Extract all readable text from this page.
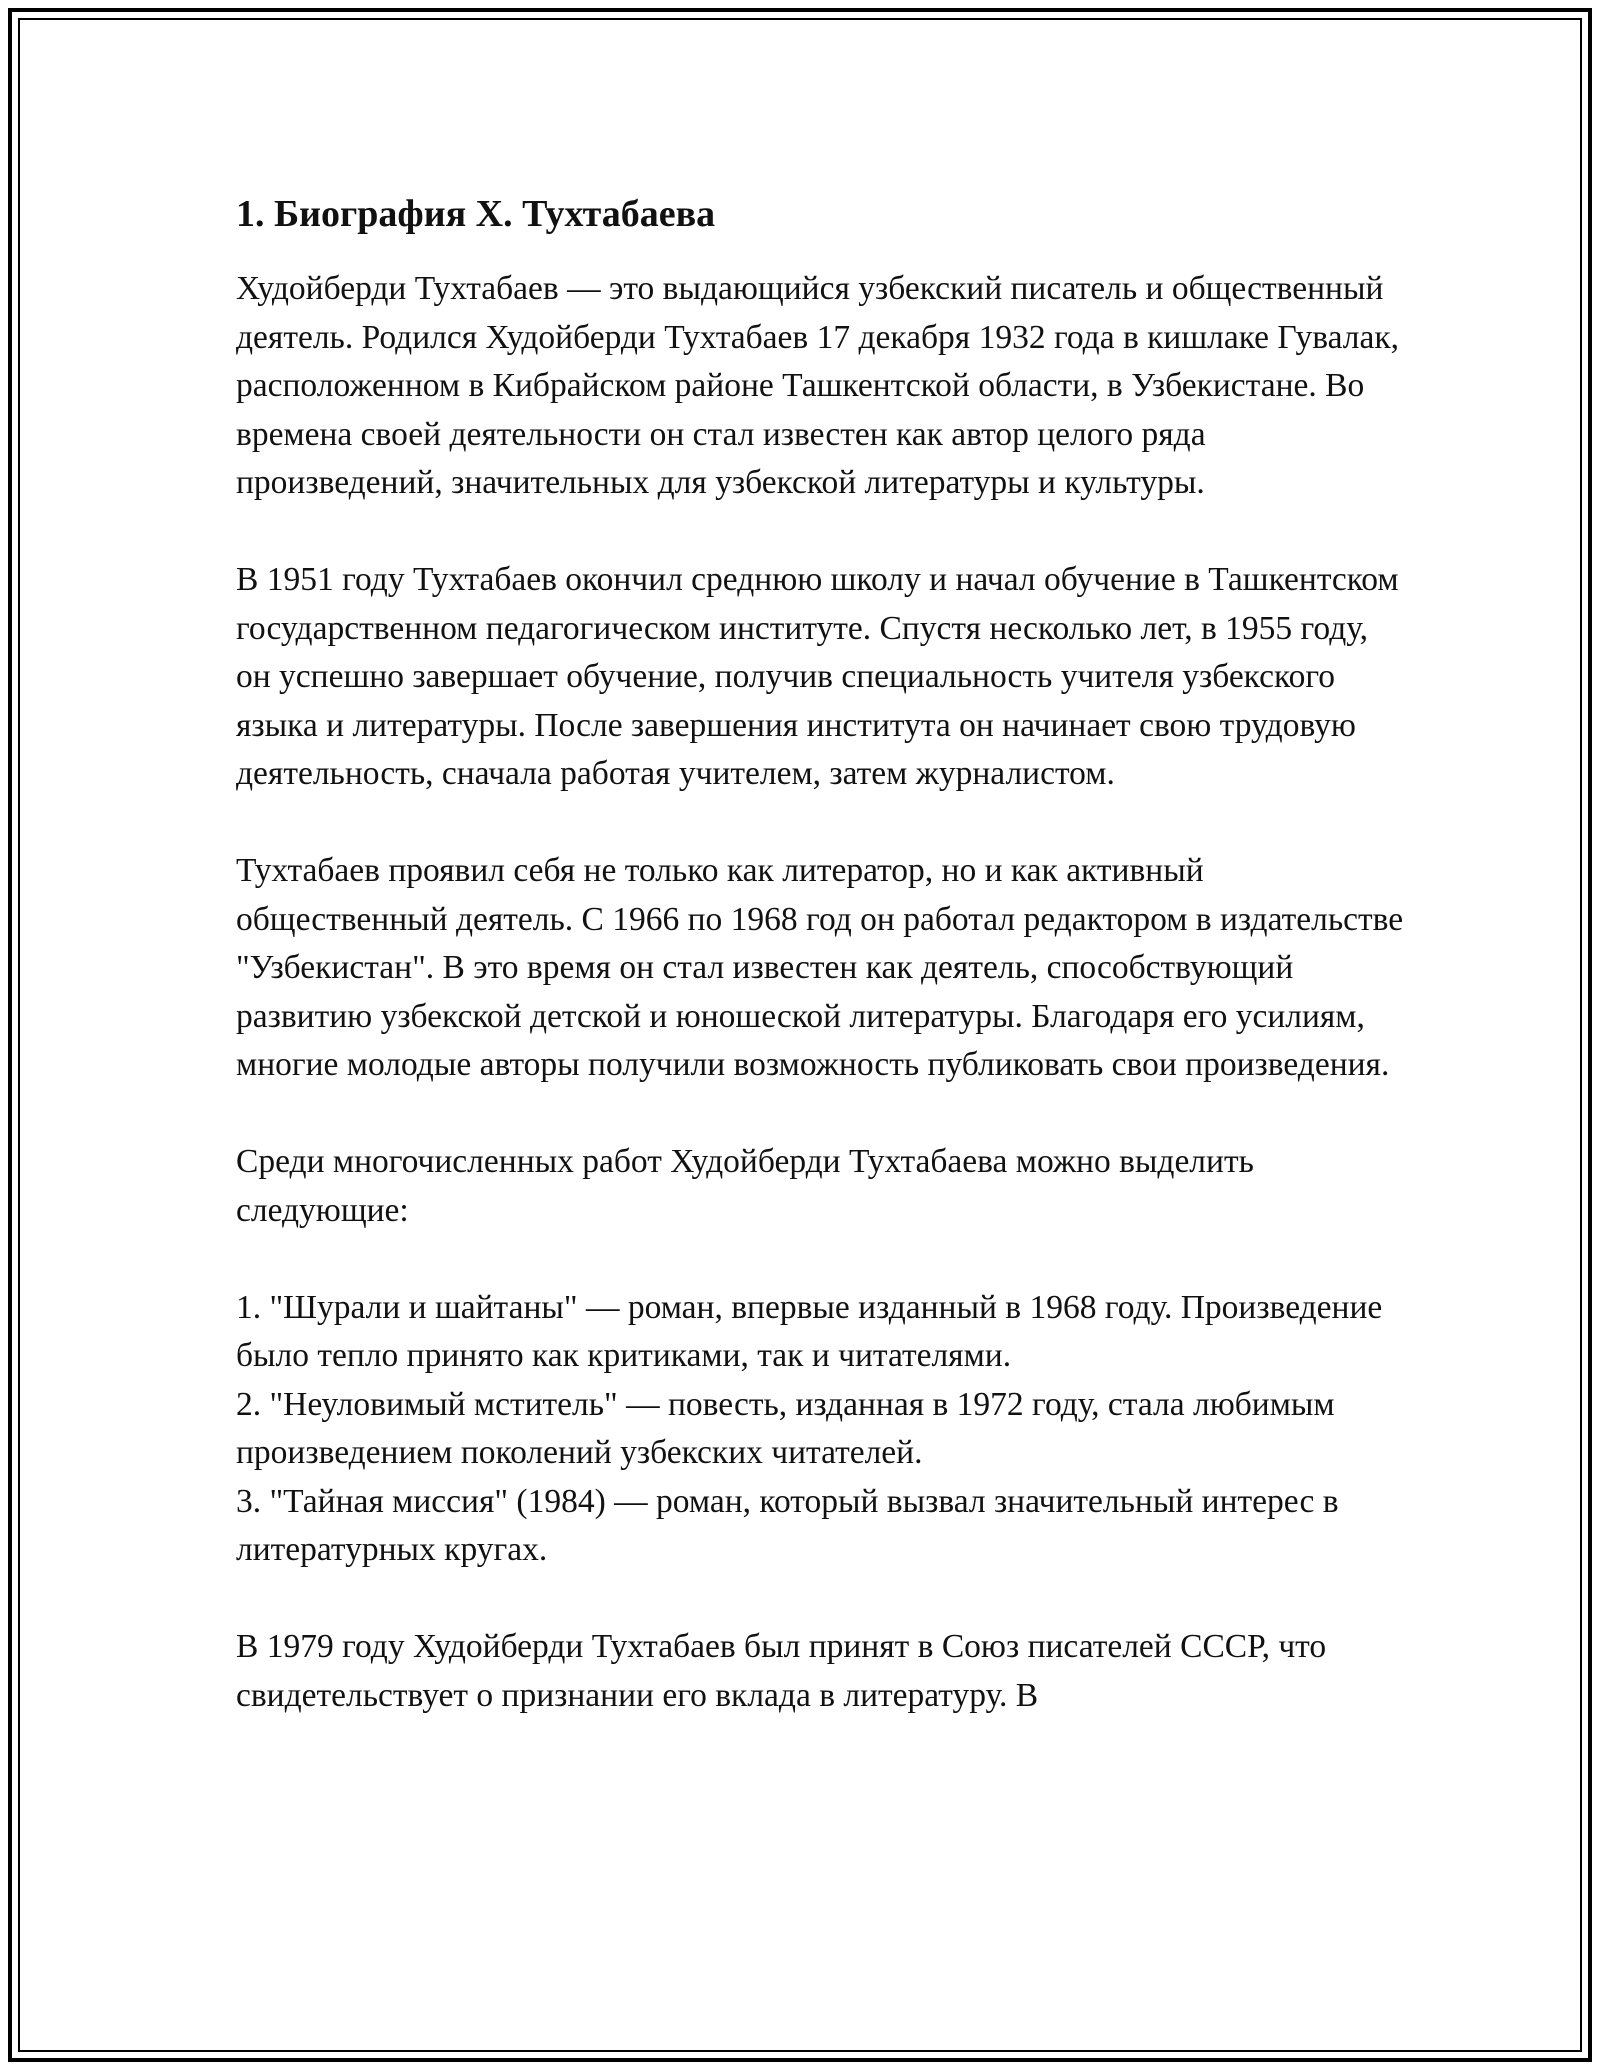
1. Биография Х. Тухтабаева

Худойберди Тухтабаев — это выдающийся узбекский писатель и общественный деятель. Родился Худойберди Тухтабаев 17 декабря 1932 года в кишлаке Гувалак, расположенном в Кибрайском районе Ташкентской области, в Узбекистане. Во времена своей деятельности он стал известен как автор целого ряда произведений, значительных для узбекской литературы и культуры.

В 1951 году Тухтабаев окончил среднюю школу и начал обучение в Ташкентском государственном педагогическом институте. Спустя несколько лет, в 1955 году, он успешно завершает обучение, получив специальность учителя узбекского языка и литературы. После завершения института он начинает свою трудовую деятельность, сначала работая учителем, затем журналистом.

Тухтабаев проявил себя не только как литератор, но и как активный общественный деятель. С 1966 по 1968 год он работал редактором в издательстве "Узбекистан". В это время он стал известен как деятель, способствующий развитию узбекской детской и юношеской литературы. Благодаря его усилиям, многие молодые авторы получили возможность публиковать свои произведения.

Среди многочисленных работ Худойберди Тухтабаева можно выделить следующие:

1. "Шурали и шайтаны" — роман, впервые изданный в 1968 году. Произведение было тепло принято как критиками, так и читателями.
2. "Неуловимый мститель" — повесть, изданная в 1972 году, стала любимым произведением поколений узбекских читателей.
3. "Тайная миссия" (1984) — роман, который вызвал значительный интерес в литературных кругах.

В 1979 году Худойберди Тухтабаев был принят в Союз писателей СССР, что свидетельствует о признании его вклада в литературу. В
